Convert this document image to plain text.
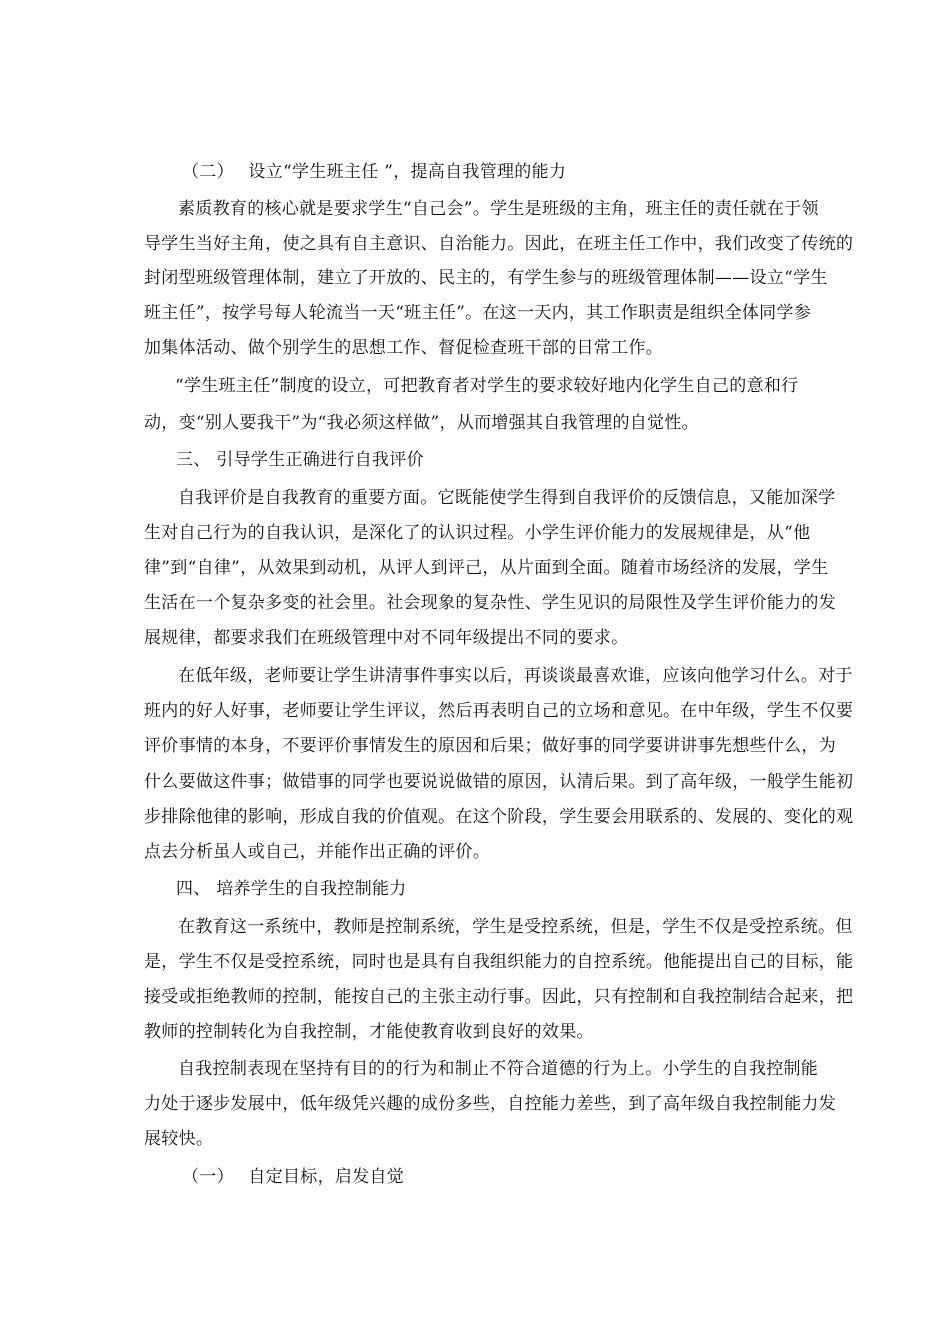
（二）　 设立“学生班主任 ”，提高自我管理的能力
素质教育的核心就是要求学生“自己会”。学生是班级的主角，班主任的责任就在于领
导学生当好主角，使之具有自主意识、自治能力。因此，在班主任工作中，我们改变了传统的
封闭型班级管理体制，建立了开放的、民主的，有学生参与的班级管理体制——设立“学生
班主任”，按学号每人轮流当一天“班主任”。在这一天内，其工作职责是组织全体同学参
加集体活动、做个别学生的思想工作、督促检查班干部的日常工作。
“学生班主任”制度的设立，可把教育者对学生的要求较好地内化学生自己的意和行
动，变“别人要我干”为“我必须这样做”，从而增强其自我管理的自觉性。
三、 引导学生正确进行自我评价
自我评价是自我教育的重要方面。它既能使学生得到自我评价的反馈信息，又能加深学
生对自己行为的自我认识，是深化了的认识过程。小学生评价能力的发展规律是，从“他
律”到“自律”，从效果到动机，从评人到评己，从片面到全面。随着市场经济的发展，学生
生活在一个复杂多变的社会里。社会现象的复杂性、学生见识的局限性及学生评价能力的发
展规律，都要求我们在班级管理中对不同年级提出不同的要求。
在低年级，老师要让学生讲清事件事实以后，再谈谈最喜欢谁，应该向他学习什么。对于
班内的好人好事，老师要让学生评议，然后再表明自己的立场和意见。在中年级，学生不仅要
评价事情的本身，不要评价事情发生的原因和后果；做好事的同学要讲讲事先想些什么，为
什么要做这件事；做错事的同学也要说说做错的原因，认清后果。到了高年级，一般学生能初
步排除他律的影响，形成自我的价值观。在这个阶段，学生要会用联系的、发展的、变化的观
点去分析虽人或自己，并能作出正确的评价。
四、 培养学生的自我控制能力
在教育这一系统中，教师是控制系统，学生是受控系统，但是，学生不仅是受控系统。但
是，学生不仅是受控系统，同时也是具有自我组织能力的自控系统。他能提出自己的目标，能
接受或拒绝教师的控制，能按自己的主张主动行事。因此，只有控制和自我控制结合起来，把
教师的控制转化为自我控制，才能使教育收到良好的效果。
自我控制表现在坚持有目的的行为和制止不符合道德的行为上。小学生的自我控制能
力处于逐步发展中，低年级凭兴趣的成份多些，自控能力差些，到了高年级自我控制能力发
展较快。
（一）　 自定目标，启发自觉
